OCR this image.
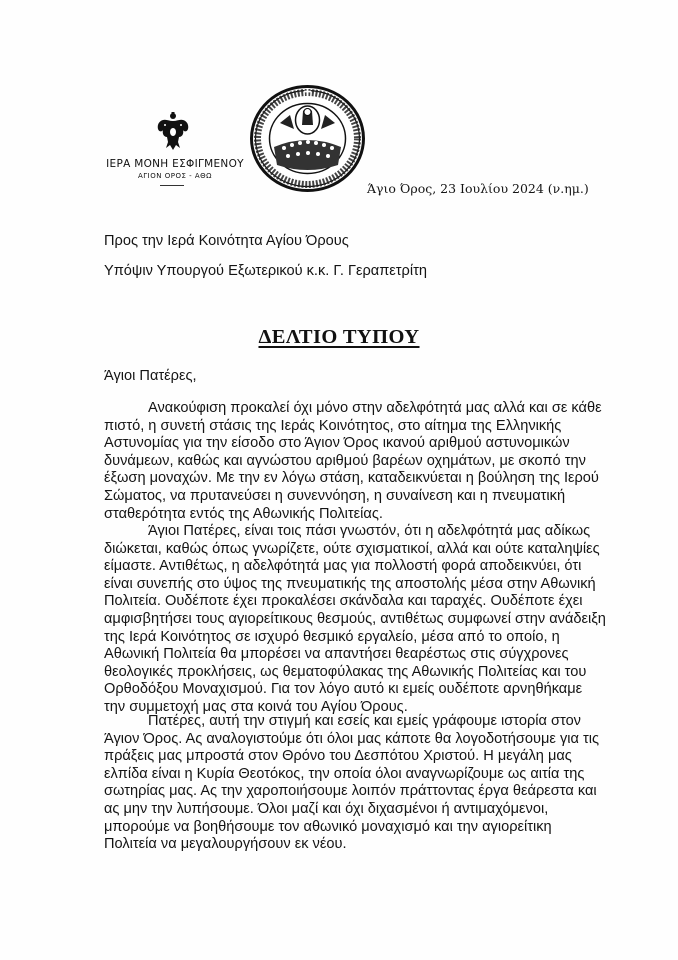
ΙΕΡΑ ΜΟΝΗ ΕΣΦΙΓΜΕΝΟΥ
ΑΓΙΟΝ ΟΡΟΣ - ΑΘΩ
Άγιο Όρος, 23 Ιουλίου 2024 (ν.ημ.)
Προς την Ιερά Κοινότητα Αγίου Όρους
Υπόψιν Υπουργού Εξωτερικού κ.κ. Γ. Γεραπετρίτη
ΔΕΛΤΙΟ ΤΥΠΟΥ
Άγιοι Πατέρες,
Ανακούφιση προκαλεί όχι μόνο στην αδελφότητά μας αλλά και σε κάθε
πιστό, η συνετή στάσις της Ιεράς Κοινότητος, στο αίτημα της Ελληνικής
Αστυνομίας για την είσοδο στο Άγιον Όρος ικανού αριθμού αστυνομικών
δυνάμεων, καθώς και αγνώστου αριθμού βαρέων οχημάτων, με σκοπό την
έξωση μοναχών. Με την εν λόγω στάση, καταδεικνύεται η βούληση της Ιερού
Σώματος, να πρυτανεύσει η συνεννόηση, η συναίνεση και η πνευματική
σταθερότητα εντός της Αθωνικής Πολιτείας.
Άγιοι Πατέρες, είναι τοις πάσι γνωστόν, ότι η αδελφότητά μας αδίκως
διώκεται, καθώς όπως γνωρίζετε, ούτε σχισματικοί, αλλά και ούτε καταληψίες
είμαστε. Αντιθέτως, η αδελφότητά μας για πολλοστή φορά αποδεικνύει, ότι
είναι συνεπής στο ύψος της πνευματικής της αποστολής μέσα στην Αθωνική
Πολιτεία. Ουδέποτε έχει προκαλέσει σκάνδαλα και ταραχές. Ουδέποτε έχει
αμφισβητήσει τους αγιορείτικους θεσμούς, αντιθέτως συμφωνεί στην ανάδειξη
της Ιερά Κοινότητος σε ισχυρό θεσμικό εργαλείο, μέσα από το οποίο, η
Αθωνική Πολιτεία θα μπορέσει να απαντήσει θεαρέστως στις σύγχρονες
θεολογικές προκλήσεις, ως θεματοφύλακας της Αθωνικής Πολιτείας και του
Ορθοδόξου Μοναχισμού. Για τον λόγο αυτό κι εμείς ουδέποτε αρνηθήκαμε
την συμμετοχή μας στα κοινά του Αγίου Όρους.
Πατέρες, αυτή την στιγμή και εσείς και εμείς γράφουμε ιστορία στον
Άγιον Όρος. Ας αναλογιστούμε ότι όλοι μας κάποτε θα λογοδοτήσουμε για τις
πράξεις μας μπροστά στον Θρόνο του Δεσπότου Χριστού. Η μεγάλη μας
ελπίδα είναι η Κυρία Θεοτόκος, την οποία όλοι αναγνωρίζουμε ως αιτία της
σωτηρίας μας. Ας την χαροποιήσουμε λοιπόν πράττοντας έργα θεάρεστα και
ας μην την λυπήσουμε. Όλοι μαζί και όχι διχασμένοι ή αντιμαχόμενοι,
μπορούμε να βοηθήσουμε τον αθωνικό μοναχισμό και την αγιορείτικη
Πολιτεία να μεγαλουργήσουν εκ νέου.
